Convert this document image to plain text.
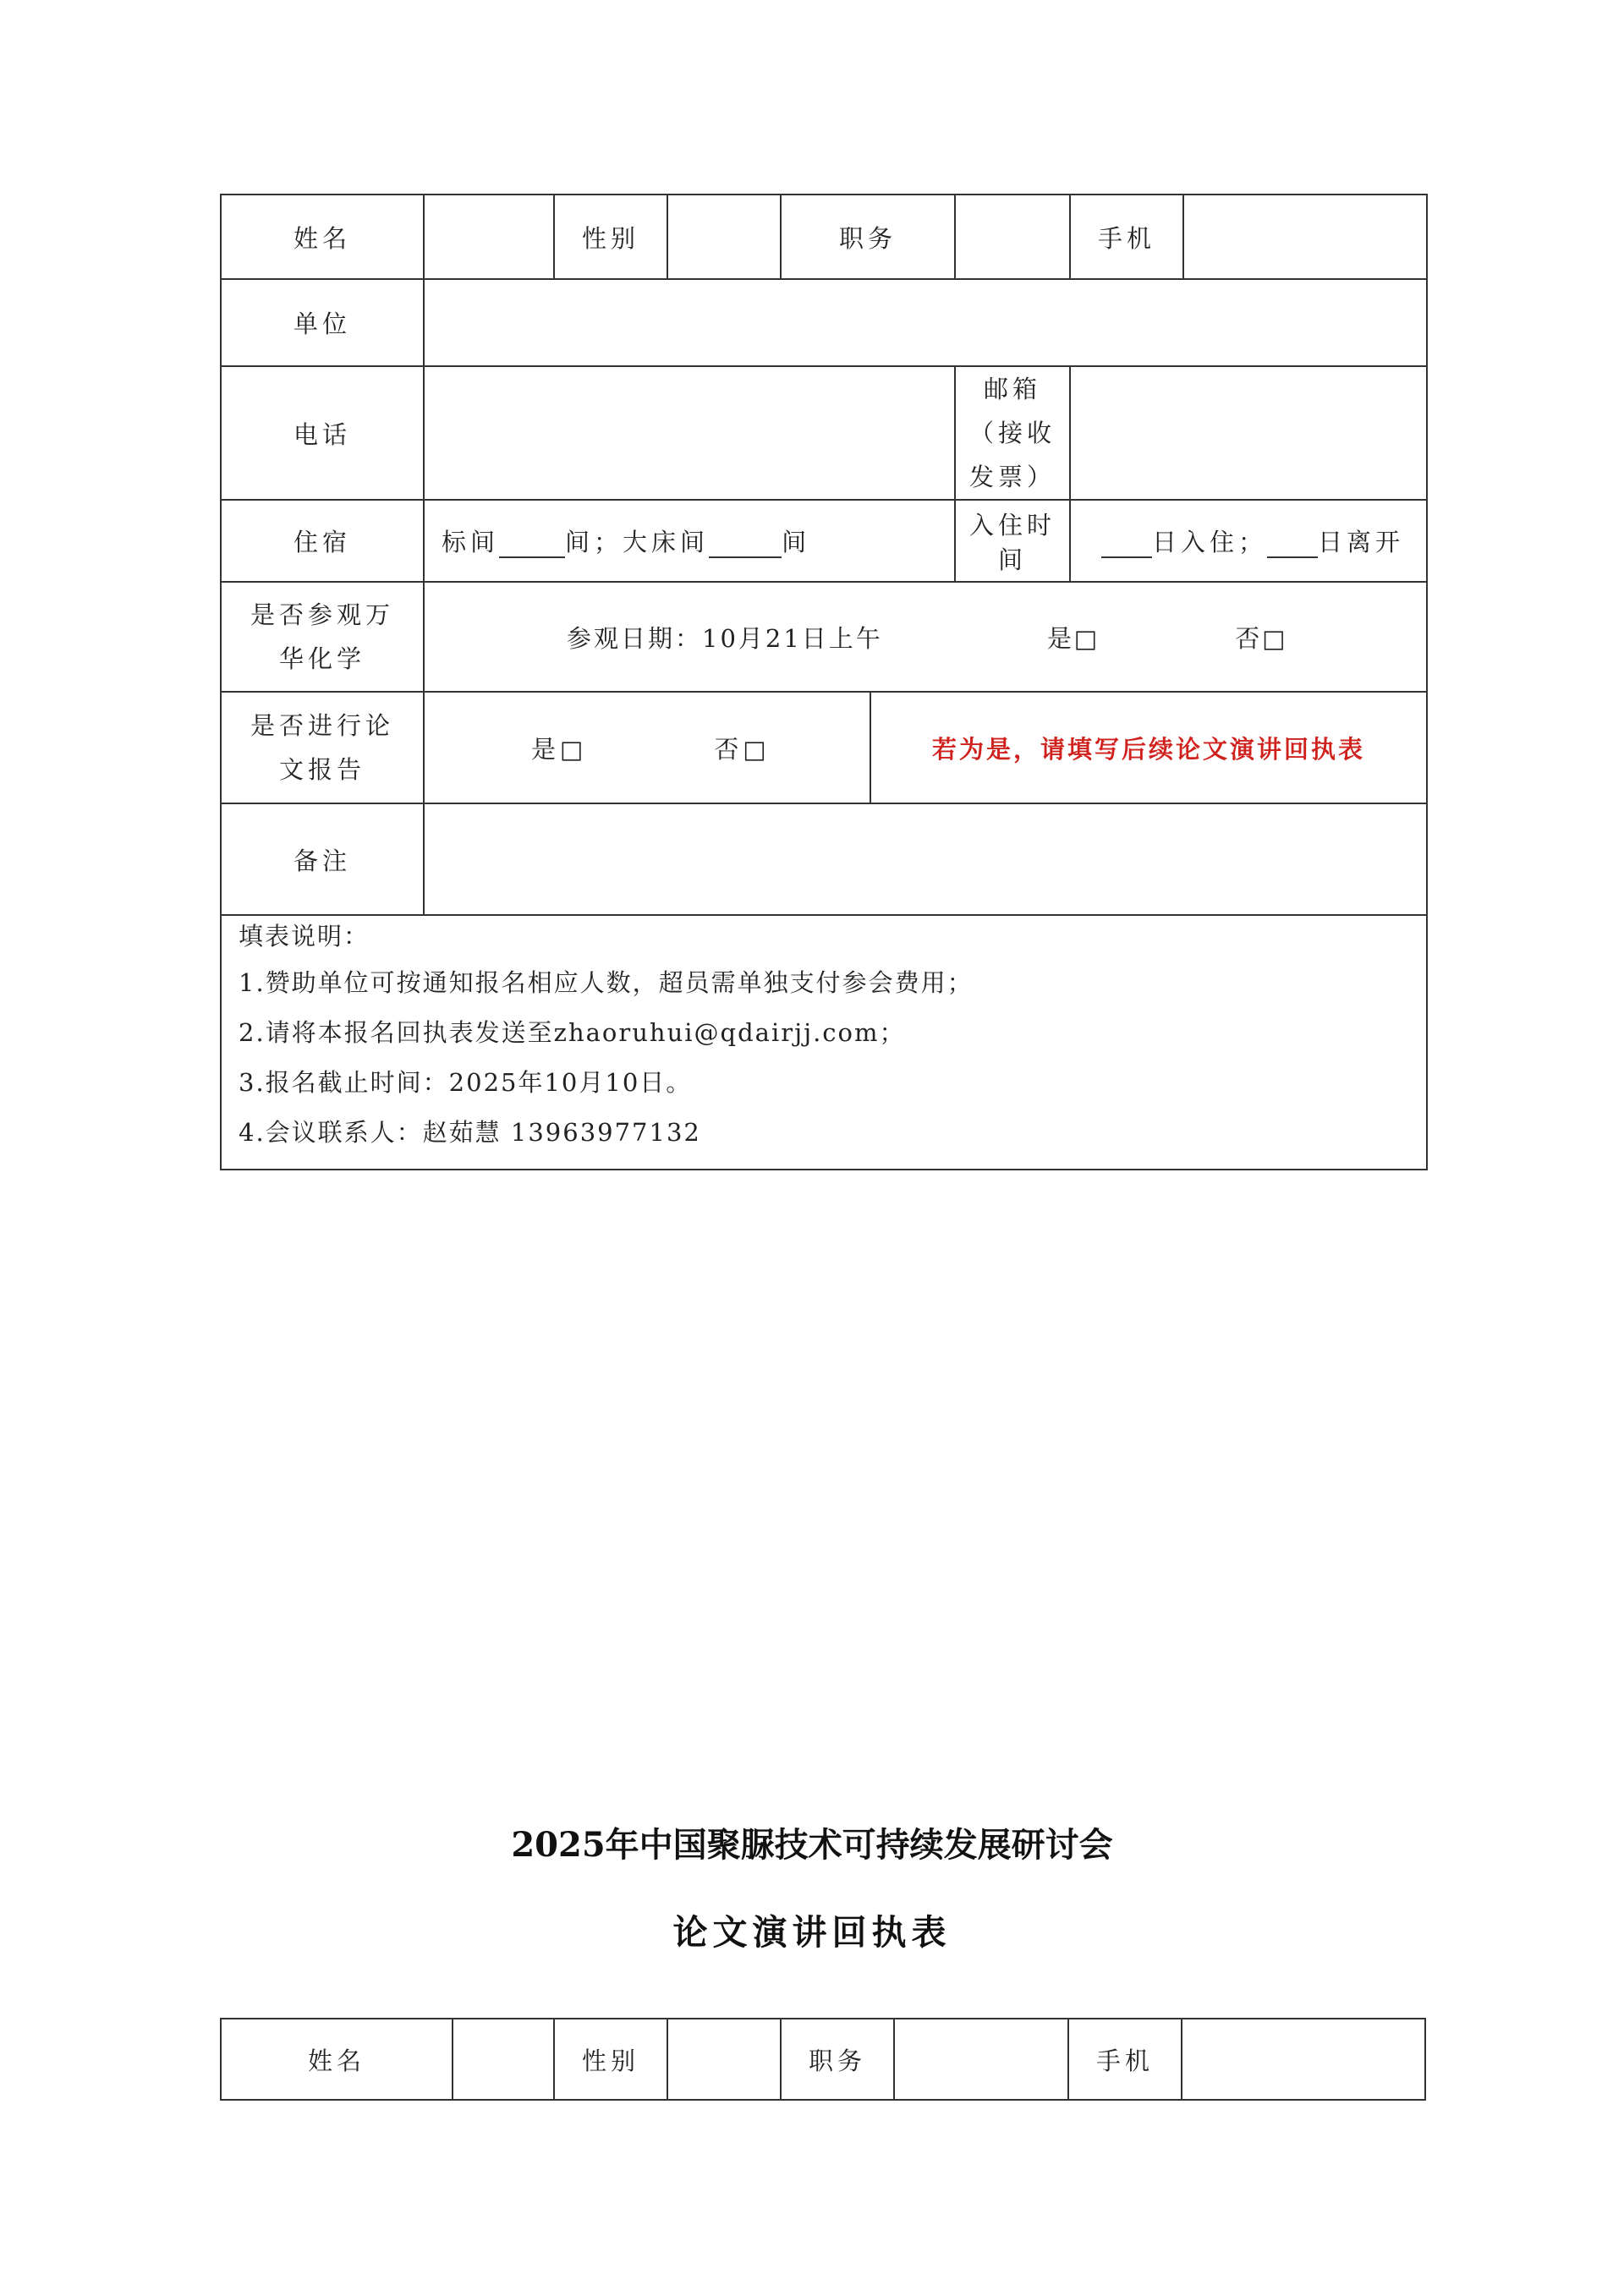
姓名		性别		职务			手机	
单位								
电话						邮箱
（接收发票）		

住宿	标间 间；大床间 间					入住时间	日入住； 日离开	

是否参观万
华化学	参观日期：10月21日上午 是□ 否□							

是否进行论
文报告	是□ 否□				若为是，请填写后续论文演讲回执表			
备注								

填表说明：
1.赞助单位可按通知报名相应人数，超员需单独支付参会费用；
2.请将本报名回执表发送至zhaoruhui@qdairjj.com；
3.报名截止时间：2025年10月10日。
4.会议联系人：赵茹慧 13963977132								
2025年中国聚脲技术可持续发展研讨会
论文演讲回执表
姓名		性别		职务		手机	
